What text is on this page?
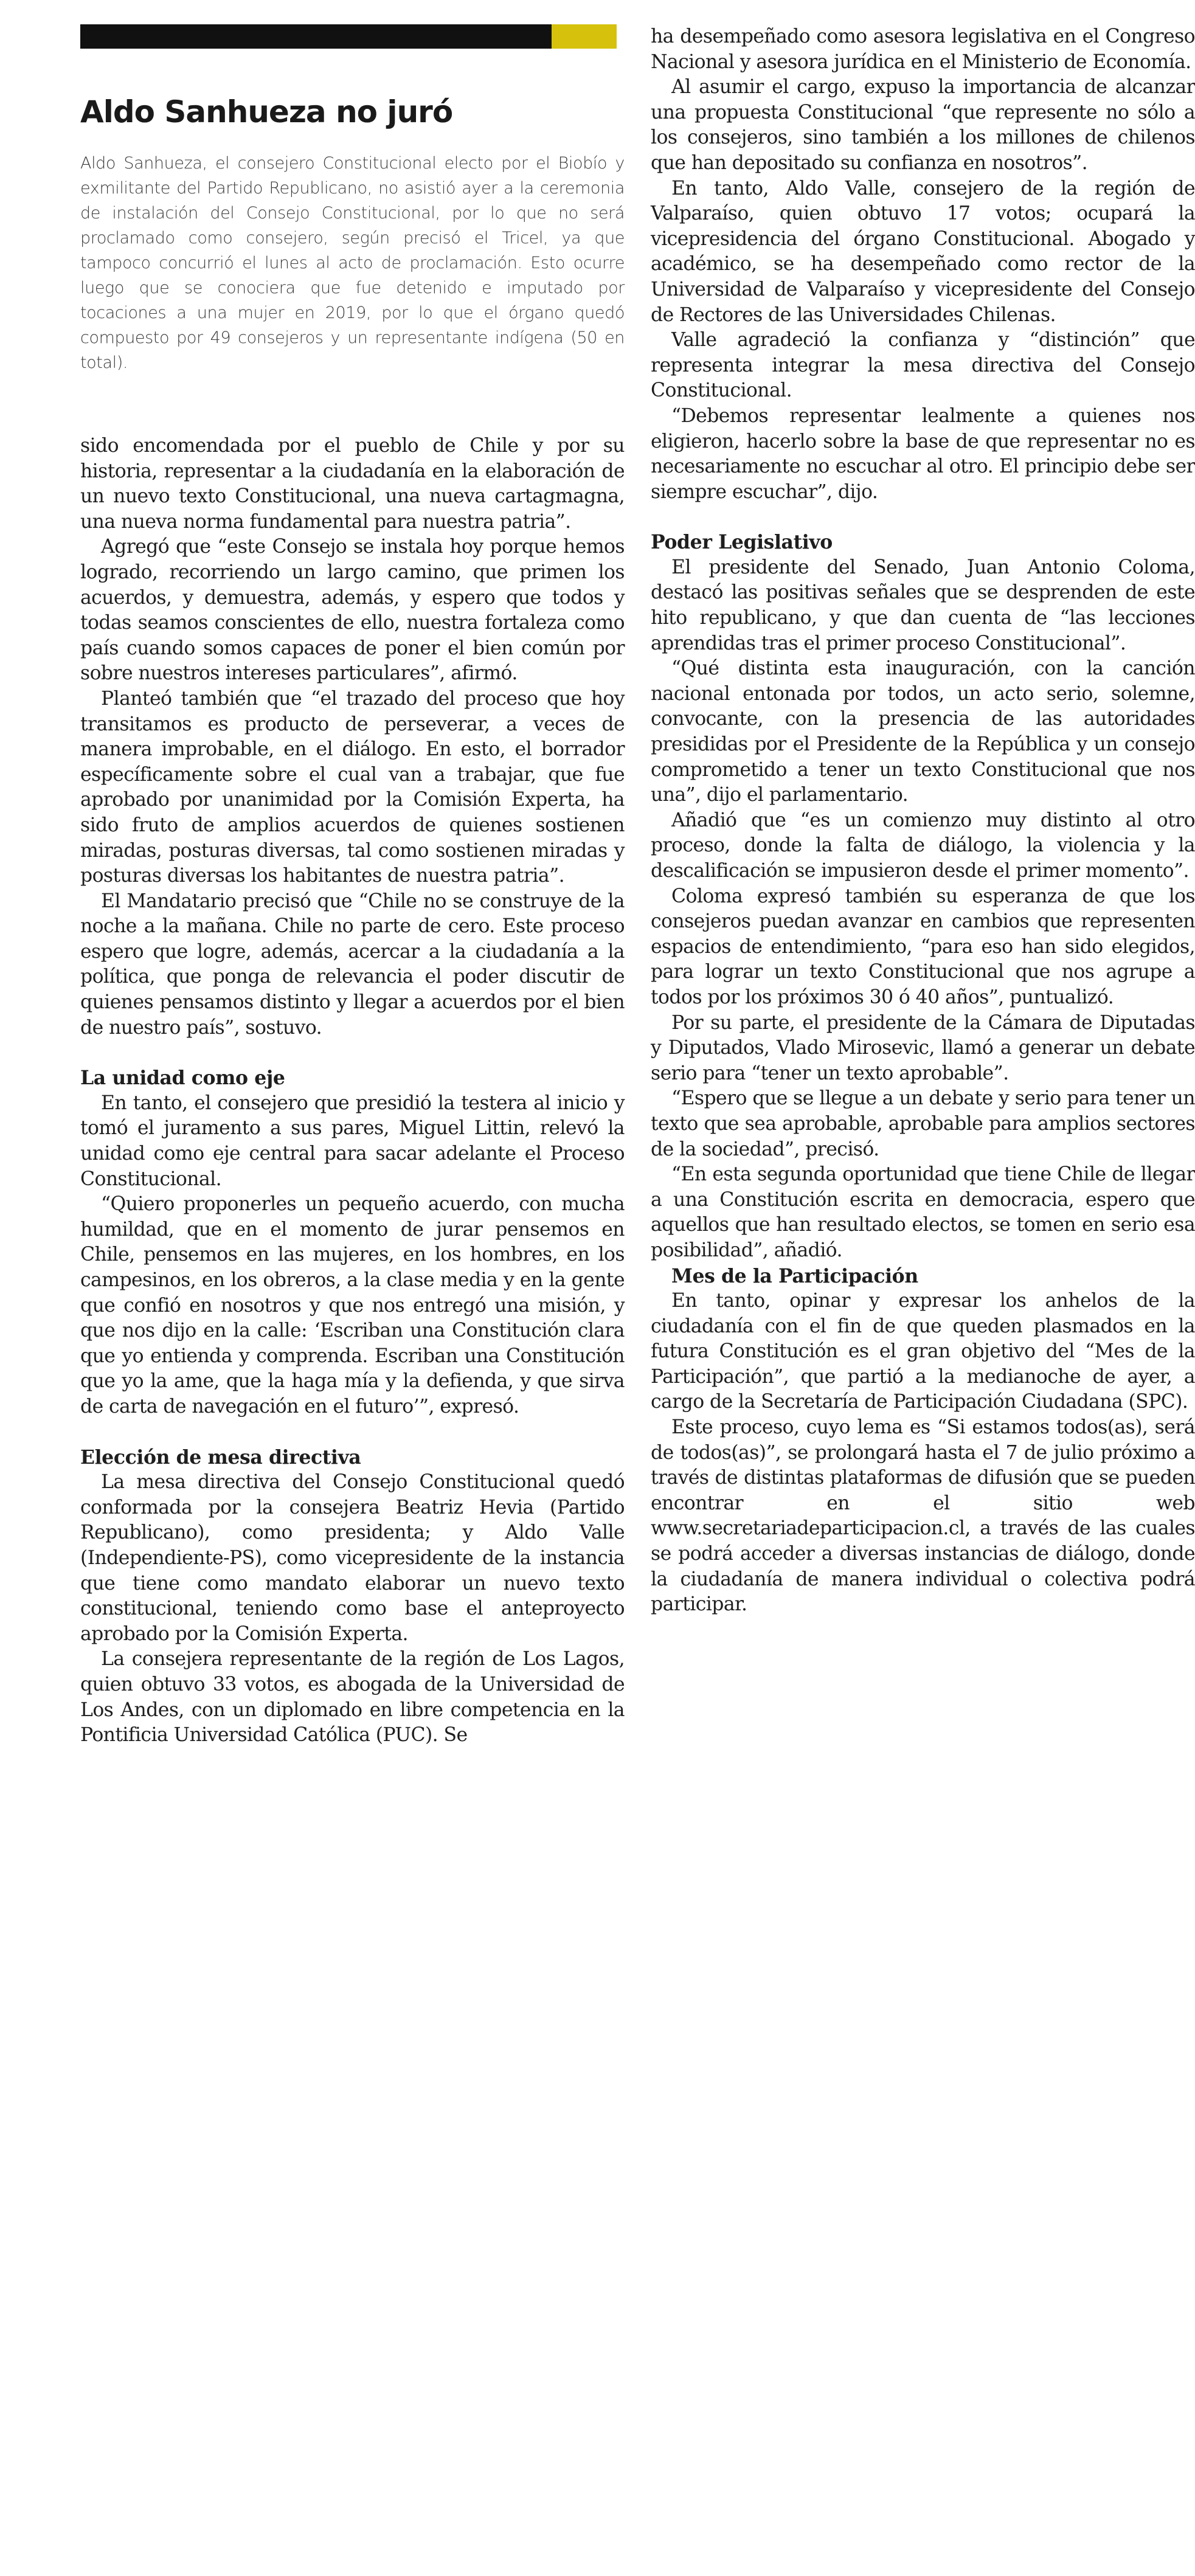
Aldo Sanhueza no juró

Aldo Sanhueza, el consejero Constitucional electo por el Biobío y exmilitante del Partido Republicano, no asistió ayer a la ceremonia de instalación del Consejo Constitucional, por lo que no será proclamado como consejero, según precisó el Tricel, ya que tampoco concurrió el lunes al acto de proclamación. Esto ocurre luego que se conociera que fue detenido e imputado por tocaciones a una mujer en 2019, por lo que el órgano quedó compuesto por 49 consejeros y un representante indígena (50 en total).

sido encomendada por el pueblo de Chile y por su historia, representar a la ciudadanía en la elaboración de un nuevo texto Constitucional, una nueva cartagmagna, una nueva norma fundamental para nuestra patria”.

Agregó que “este Consejo se instala hoy porque hemos logrado, recorriendo un largo camino, que primen los acuerdos, y demuestra, además, y espero que todos y todas seamos conscientes de ello, nuestra fortaleza como país cuando somos capaces de poner el bien común por sobre nuestros intereses particulares”, afirmó.

Planteó también que “el trazado del proceso que hoy transitamos es producto de perseverar, a veces de manera improbable, en el diálogo. En esto, el borrador específicamente sobre el cual van a trabajar, que fue aprobado por unanimidad por la Comisión Experta, ha sido fruto de amplios acuerdos de quienes sostienen miradas, posturas diversas, tal como sostienen miradas y posturas diversas los habitantes de nuestra patria”.

El Mandatario precisó que “Chile no se construye de la noche a la mañana. Chile no parte de cero. Este proceso espero que logre, además, acercar a la ciudadanía a la política, que ponga de relevancia el poder discutir de quienes pensamos distinto y llegar a acuerdos por el bien de nuestro país”, sostuvo.

La unidad como eje

En tanto, el consejero que presidió la testera al inicio y tomó el juramento a sus pares, Miguel Littin, relevó la unidad como eje central para sacar adelante el Proceso Constitucional.

“Quiero proponerles un pequeño acuerdo, con mucha humildad, que en el momento de jurar pensemos en Chile, pensemos en las mujeres, en los hombres, en los campesinos, en los obreros, a la clase media y en la gente que confió en nosotros y que nos entregó una misión, y que nos dijo en la calle: ‘Escriban una Constitución clara que yo entienda y comprenda. Escriban una Constitución que yo la ame, que la haga mía y la defienda, y que sirva de carta de navegación en el futuro’”, expresó.

Elección de mesa directiva

La mesa directiva del Consejo Constitucional quedó conformada por la consejera Beatriz Hevia (Partido Republicano), como presidenta; y Aldo Valle (Independiente-PS), como vicepresidente de la instancia que tiene como mandato elaborar un nuevo texto constitucional, teniendo como base el anteproyecto aprobado por la Comisión Experta.

La consejera representante de la región de Los Lagos, quien obtuvo 33 votos, es abogada de la Universidad de Los Andes, con un diplomado en libre competencia en la Pontificia Universidad Católica (PUC). Se

ha desempeñado como asesora legislativa en el Congreso Nacional y asesora jurídica en el Ministerio de Economía.

Al asumir el cargo, expuso la importancia de alcanzar una propuesta Constitucional “que represente no sólo a los consejeros, sino también a los millones de chilenos que han depositado su confianza en nosotros”.

En tanto, Aldo Valle, consejero de la región de Valparaíso, quien obtuvo 17 votos; ocupará la vicepresidencia del órgano Constitucional. Abogado y académico, se ha desempeñado como rector de la Universidad de Valparaíso y vicepresidente del Consejo de Rectores de las Universidades Chilenas.

Valle agradeció la confianza y “distinción” que representa integrar la mesa directiva del Consejo Constitucional.

“Debemos representar lealmente a quienes nos eligieron, hacerlo sobre la base de que representar no es necesariamente no escuchar al otro. El principio debe ser siempre escuchar”, dijo.

Poder Legislativo

El presidente del Senado, Juan Antonio Coloma, destacó las positivas señales que se desprenden de este hito republicano, y que dan cuenta de “las lecciones aprendidas tras el primer proceso Constitucional”.

“Qué distinta esta inauguración, con la canción nacional entonada por todos, un acto serio, solemne, convocante, con la presencia de las autoridades presididas por el Presidente de la República y un consejo comprometido a tener un texto Constitucional que nos una”, dijo el parlamentario.

Añadió que “es un comienzo muy distinto al otro proceso, donde la falta de diálogo, la violencia y la descalificación se impusieron desde el primer momento”.

Coloma expresó también su esperanza de que los consejeros puedan avanzar en cambios que representen espacios de entendimiento, “para eso han sido elegidos, para lograr un texto Constitucional que nos agrupe a todos por los próximos 30 ó 40 años”, puntualizó.

Por su parte, el presidente de la Cámara de Diputadas y Diputados, Vlado Mirosevic, llamó a generar un debate serio para “tener un texto aprobable”.

“Espero que se llegue a un debate y serio para tener un texto que sea aprobable, aprobable para amplios sectores de la sociedad”, precisó.

“En esta segunda oportunidad que tiene Chile de llegar a una Constitución escrita en democracia, espero que aquellos que han resultado electos, se tomen en serio esa posibilidad”, añadió.

Mes de la Participación

En tanto, opinar y expresar los anhelos de la ciudadanía con el fin de que queden plasmados en la futura Constitución es el gran objetivo del “Mes de la Participación”, que partió a la medianoche de ayer, a cargo de la Secretaría de Participación Ciudadana (SPC).

Este proceso, cuyo lema es “Si estamos todos(as), será de todos(as)”, se prolongará hasta el 7 de julio próximo a través de distintas plataformas de difusión que se pueden encontrar en el sitio web www.secretariadeparticipacion.cl, a través de las cuales se podrá acceder a diversas instancias de diálogo, donde la ciudadanía de manera individual o colectiva podrá participar.
